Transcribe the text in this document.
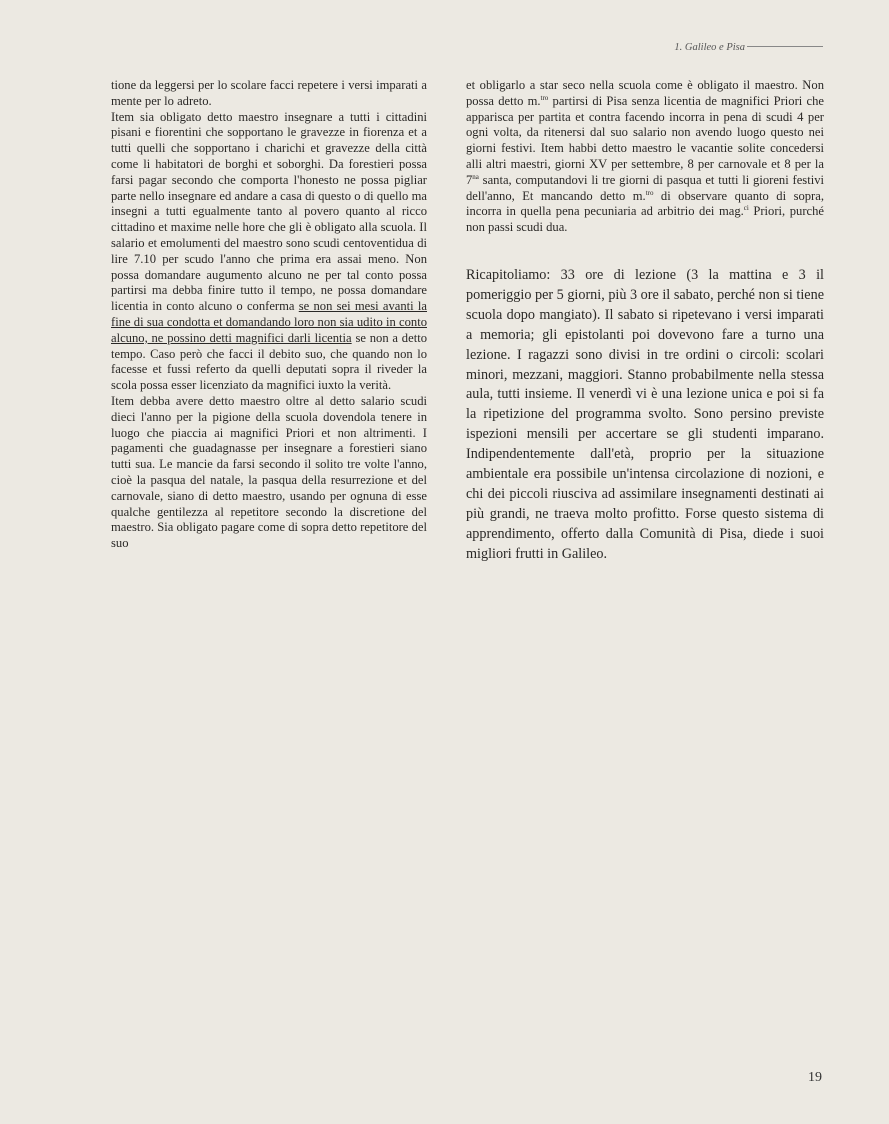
1. Galileo e Pisa

tione da leggersi per lo scolare facci repetere i versi imparati a mente per lo adreto.

Item sia obligato detto maestro insegnare a tutti i cittadini pisani e fiorentini che sopportano le gravezze in fiorenza et a tutti quelli che sopportano i charichi et gravezze della città come li habitatori de borghi et soborghi. Da forestieri possa farsi pagar secondo che comporta l'honesto ne possa pigliar parte nello insegnare ed andare a casa di questo o di quello ma insegni a tutti egualmente tanto al povero quanto al ricco cittadino et maxime nelle hore che gli è obligato alla scuola. Il salario et emolumenti del maestro sono scudi centoventidua di lire 7.10 per scudo l'anno che prima era assai meno. Non possa domandare augumento alcuno ne per tal conto possa partirsi ma debba finire tutto il tempo, ne possa domandare licentia in conto alcuno o conferma se non sei mesi avanti la fine di sua condotta et domandando loro non sia udito in conto alcuno, ne possino detti magnifici darli licentia se non a detto tempo. Caso però che facci il debito suo, che quando non lo facesse et fussi referto da quelli deputati sopra il riveder la scola possa esser licenziato da magnifici iuxto la verità.

Item debba avere detto maestro oltre al detto salario scudi dieci l'anno per la pigione della scuola dovendola tenere in luogo che piaccia ai magnifici Priori et non altrimenti. I pagamenti che guadagnasse per insegnare a forestieri siano tutti sua. Le mancie da farsi secondo il solito tre volte l'anno, cioè la pasqua del natale, la pasqua della resurrezione et del carnovale, siano di detto maestro, usando per ognuna di esse qualche gentilezza al repetitore secondo la discretione del maestro. Sia obligato pagare come di sopra detto repetitore del suo

et obligarlo a star seco nella scuola come è obligato il maestro. Non possa detto m.$^{tro}$ partirsi di Pisa senza licentia de magnifici Priori che apparisca per partita et contra facendo incorra in pena di scudi 4 per ogni volta, da ritenersi dal suo salario non avendo luogo questo nei giorni festivi. Item habbi detto maestro le vacantie solite concedersi alli altri maestri, giorni XV per settembre, 8 per carnovale et 8 per la $7^{na}$ santa, computandovi li tre giorni di pasqua et tutti li gioreni festivi dell'anno, Et mancando detto m.$^{tro}$ di observare quanto di sopra, incorra in quella pena pecuniaria ad arbitrio dei mag.$^{ci}$ Priori, purché non passi scudi dua.

Ricapitoliamo: 33 ore di lezione (3 la mattina e 3 il pomeriggio per 5 giorni, più 3 ore il sabato, perché non si tiene scuola dopo mangiato). Il sabato si ripetevano i versi imparati a memoria; gli epistolanti poi dovevono fare a turno una lezione. I ragazzi sono divisi in tre ordini o circoli: scolari minori, mezzani, maggiori. Stanno probabilmente nella stessa aula, tutti insieme. Il venerdì vi è una lezione unica e poi si fa la ripetizione del programma svolto. Sono persino previste ispezioni mensili per accertare se gli studenti imparano. Indipendentemente dall'età, proprio per la situazione ambientale era possibile un'intensa circolazione di nozioni, e chi dei piccoli riusciva ad assimilare insegnamenti destinati ai più grandi, ne traeva molto profitto. Forse questo sistema di apprendimento, offerto dalla Comunità di Pisa, diede i suoi migliori frutti in Galileo.

19
